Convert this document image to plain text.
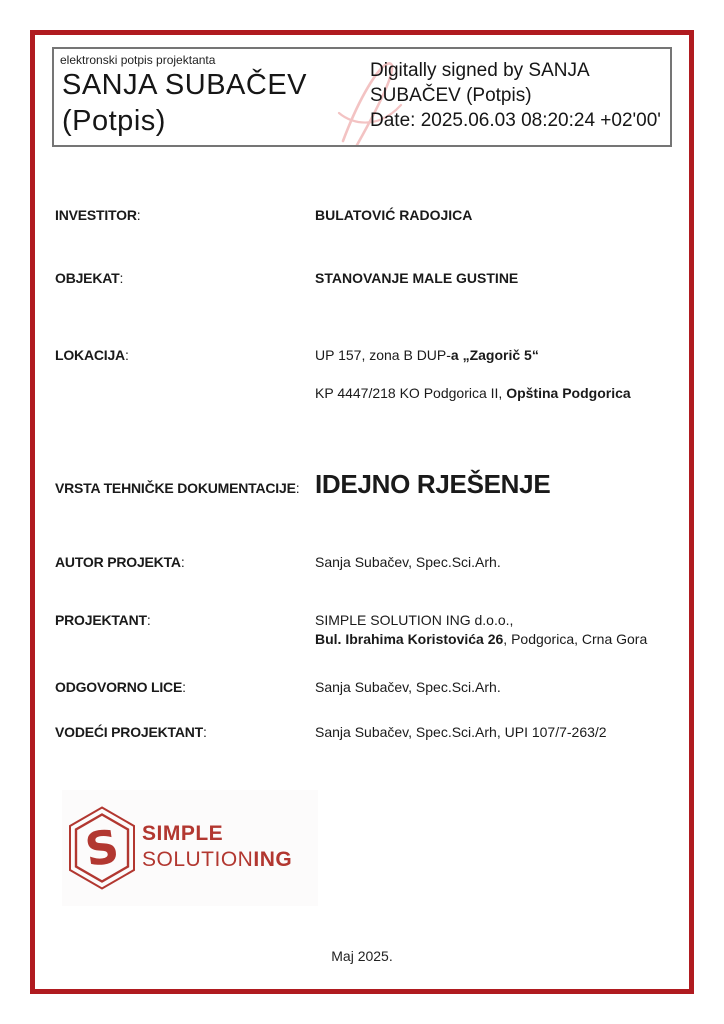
elektronski potpis projektanta
SANJA SUBAČEV
(Potpis)
Digitally signed by SANJA
SUBAČEV (Potpis)
Date: 2025.06.03 08:20:24 +02'00'
INVESTITOR:	BULATOVIĆ RADOJICA
OBJEKAT:	STANOVANJE MALE GUSTINE
LOKACIJA:	UP 157, zona B DUP-a „Zagorič 5“
KP 4447/218 KO Podgorica II, Opština Podgorica
VRSTA TEHNIČKE DOKUMENTACIJE: IDEJNO RJEŠENJE
AUTOR PROJEKTA:	Sanja Subačev, Spec.Sci.Arh.
PROJEKTANT:	SIMPLE SOLUTION ING d.o.o.,
Bul. Ibrahima Koristovića 26, Podgorica, Crna Gora
ODGOVORNO LICE:	Sanja Subačev, Spec.Sci.Arh.
VODEĆI PROJEKTANT:	Sanja Subačev, Spec.Sci.Arh, UPI 107/7-263/2
S SIMPLE
SOLUTIONING
Maj 2025.
